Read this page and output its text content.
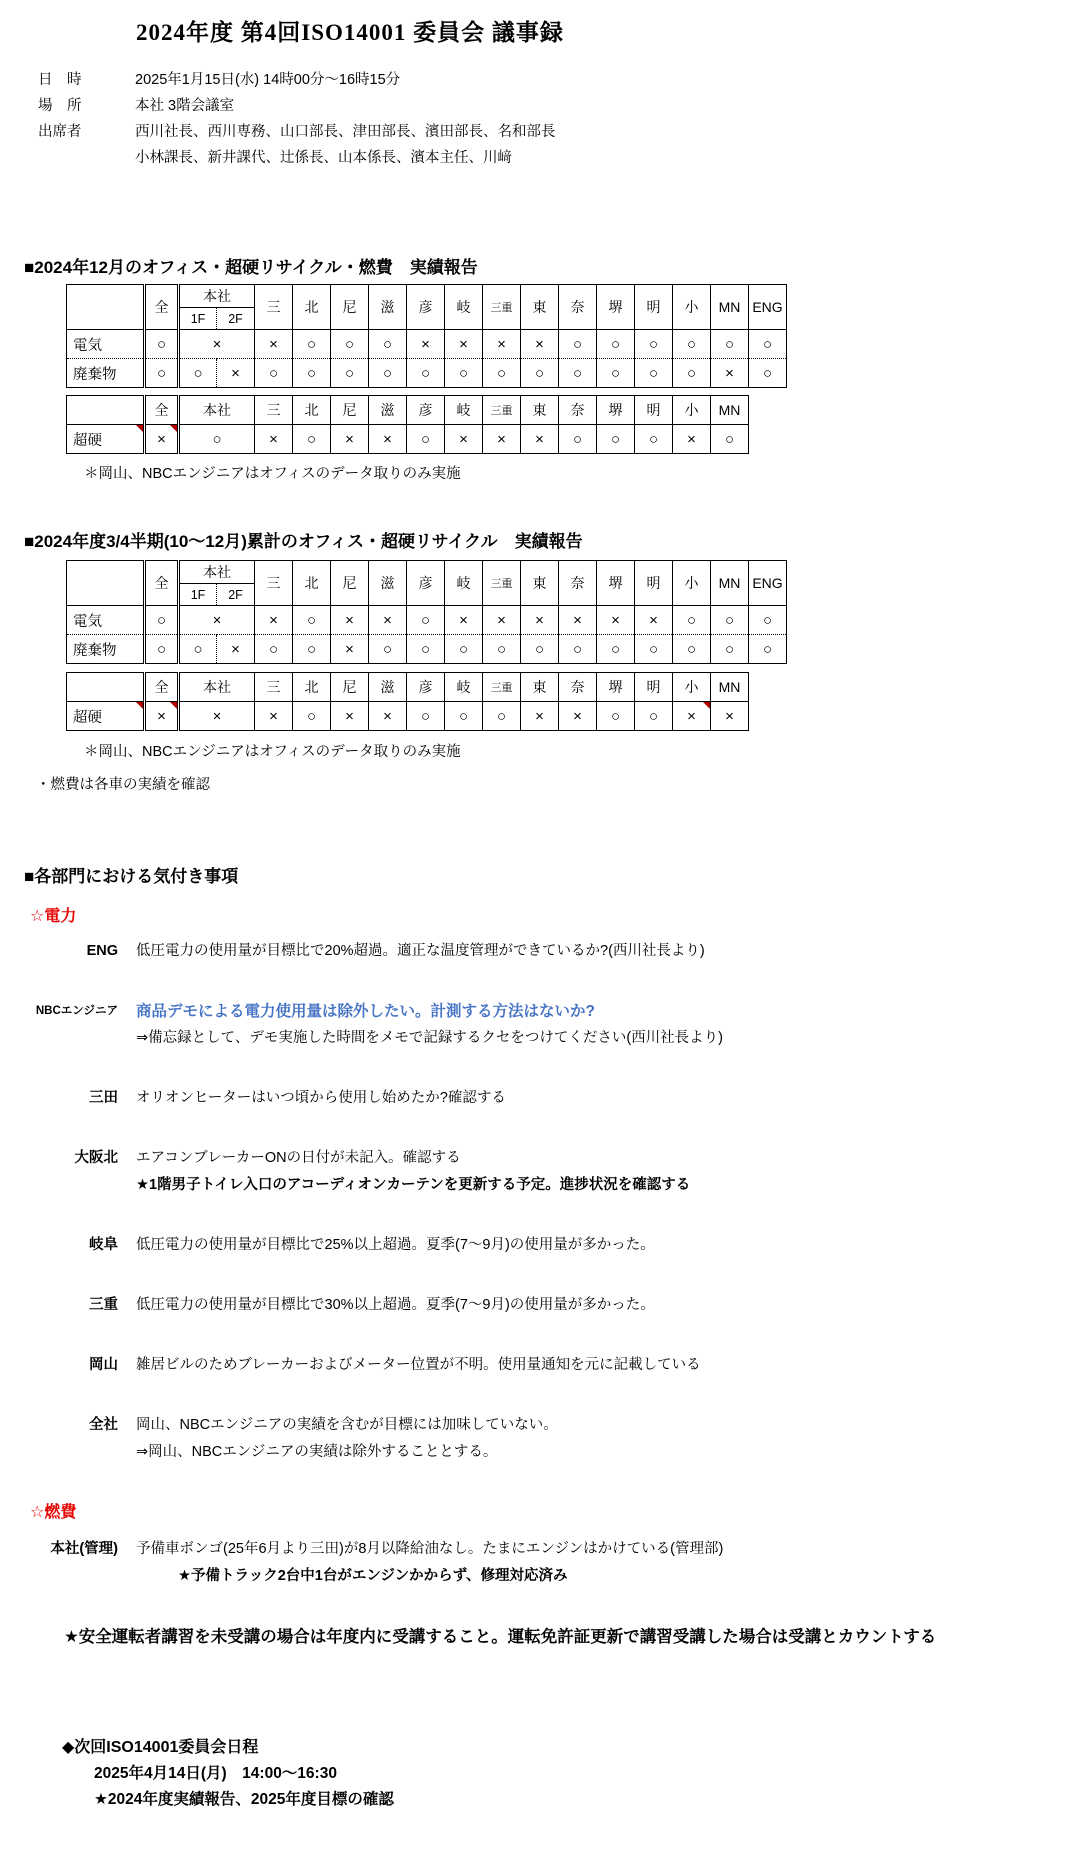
2024年度 第4回ISO14001 委員会 議事録
日　時	2025年1月15日(水) 14時00分〜16時15分
場　所	本社 3階会議室
出席者	西川社長、西川専務、山口部長、津田部長、濱田部長、名和部長
小林課長、新井課代、辻係長、山本係長、濱本主任、川﨑
■2024年12月のオフィス・超硬リサイクル・燃費　実績報告
	全	本社		三	北	尼	滋	彦	岐	三重	東	奈	堺	明	小	MN	ENG
		1F	2F														
電気	○	×		×	○	○	○	×	×	×	×	○	○	○	○	○	○
廃棄物	○	○	×	○	○	○	○	○	○	○	○	○	○	○	○	×	○
	全	本社	三	北	尼	滋	彦	岐	三重	東	奈	堺	明	小	MN
超硬	×	○	×	○	×	×	○	×	×	×	○	○	○	×	○
＊岡山、NBCエンジニアはオフィスのデータ取りのみ実施
■2024年度3/4半期(10〜12月)累計のオフィス・超硬リサイクル　実績報告
	全	本社		三	北	尼	滋	彦	岐	三重	東	奈	堺	明	小	MN	ENG
		1F	2F														
電気	○	×		×	○	×	×	○	×	×	×	×	×	×	○	○	○
廃棄物	○	○	×	○	○	×	○	○	○	○	○	○	○	○	○	○	○
	全	本社	三	北	尼	滋	彦	岐	三重	東	奈	堺	明	小	MN
超硬	×	×	×	○	×	×	○	○	○	×	×	○	○	×	×
＊岡山、NBCエンジニアはオフィスのデータ取りのみ実施
・燃費は各車の実績を確認
■各部門における気付き事項
☆電力
ENG 低圧電力の使用量が目標比で20%超過。適正な温度管理ができているか?(西川社長より)
NBCエンジニア 商品デモによる電力使用量は除外したい。計測する方法はないか?
⇒備忘録として、デモ実施した時間をメモで記録するクセをつけてください(西川社長より)
三田 オリオンヒーターはいつ頃から使用し始めたか?確認する
大阪北 エアコンブレーカーONの日付が未記入。確認する
★1階男子トイレ入口のアコーディオンカーテンを更新する予定。進捗状況を確認する
岐阜 低圧電力の使用量が目標比で25%以上超過。夏季(7〜9月)の使用量が多かった。
三重 低圧電力の使用量が目標比で30%以上超過。夏季(7〜9月)の使用量が多かった。
岡山 雑居ビルのためブレーカーおよびメーター位置が不明。使用量通知を元に記載している
全社 岡山、NBCエンジニアの実績を含むが目標には加味していない。
⇒岡山、NBCエンジニアの実績は除外することとする。
☆燃費
本社(管理) 予備車ボンゴ(25年6月より三田)が8月以降給油なし。たまにエンジンはかけている(管理部)
★予備トラック2台中1台がエンジンかからず、修理対応済み
★安全運転者講習を未受講の場合は年度内に受講すること。運転免許証更新で講習受講した場合は受講とカウントする
◆次回ISO14001委員会日程
2025年4月14日(月)　14:00〜16:30
★2024年度実績報告、2025年度目標の確認
